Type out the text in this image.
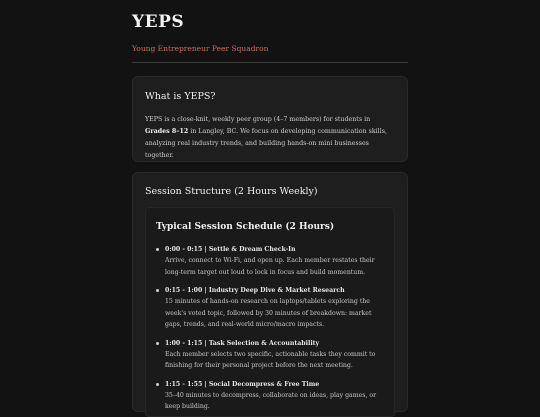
YEPS
Young Entrepreneur Peer Squadron
What is YEPS?

YEPS is a close-knit, weekly peer group (4–7 members) for students in Grades 8–12 in Langley, BC. We focus on developing communication skills, analyzing real industry trends, and building hands-on mini businesses together.

Session Structure (2 Hours Weekly)
Typical Session Schedule (2 Hours)
0:00 - 0:15 | Settle & Dream Check-In
Arrive, connect to Wi-Fi, and open up. Each member restates their long-term target out loud to lock in focus and build momentum.
0:15 - 1:00 | Industry Deep Dive & Market Research
15 minutes of hands-on research on laptops/tablets exploring the week's voted topic, followed by 30 minutes of breakdown: market gaps, trends, and real-world micro/macro impacts.
1:00 - 1:15 | Task Selection & Accountability
Each member selects two specific, actionable tasks they commit to finishing for their personal project before the next meeting.
1:15 - 1:55 | Social Decompress & Free Time
35–40 minutes to decompress, collaborate on ideas, play games, or keep building.
